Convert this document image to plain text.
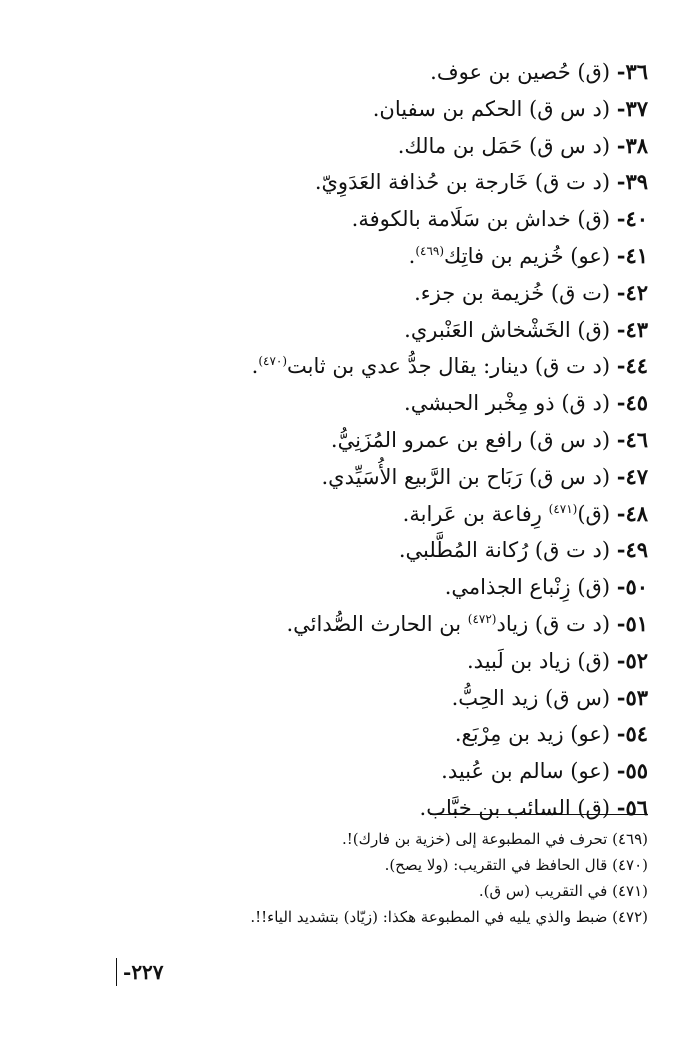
٣٦- (ق) حُصين بن عوف.
٣٧- (د س ق) الحكم بن سفيان.
٣٨- (د س ق) حَمَل بن مالك.
٣٩- (د ت ق) خَارجة بن حُذافة العَدَوِيّ.
٤٠- (ق) خداش بن سَلَامة بالكوفة.
٤١- (عو) خُزيم بن فاتِك$^{(٤٦٩)}$.
٤٢- (ت ق) خُزيمة بن جزء.
٤٣- (ق) الخَشْخاش العَنْبري.
٤٤- (د ت ق) دينار: يقال جدُّ عدي بن ثابت$^{(٤٧٠)}$.
٤٥- (د ق) ذو مِخْبر الحبشي.
٤٦- (د س ق) رافع بن عمرو المُزَنِيُّ.
٤٧- (د س ق) رَبَاح بن الرَّبيع الأُسَيِّدي.
٤٨- (ق)$^{(٤٧١)}$ رِفاعة بن عَرابة.
٤٩- (د ت ق) رُكانة المُطَّلبي.
٥٠- (ق) زِنْباع الجذامي.
٥١- (د ت ق) زياد$^{(٤٧٢)}$ بن الحارث الصُّدائي.
٥٢- (ق) زياد بن لَبيد.
٥٣- (س ق) زيد الحِبُّ.
٥٤- (عو) زيد بن مِرْبَع.
٥٥- (عو) سالم بن عُبيد.
٥٦- (ق) السائب بن خبَّاب.
(٤٦٩) تحرف في المطبوعة إلى (خزية بن فارك)!.
(٤٧٠) قال الحافظ في التقريب: (ولا يصح).
(٤٧١) في التقريب (س ق).
(٤٧٢) ضبط والذي يليه في المطبوعة هكذا: (زيّاد) بتشديد الياء!!.
٢٢٧-
